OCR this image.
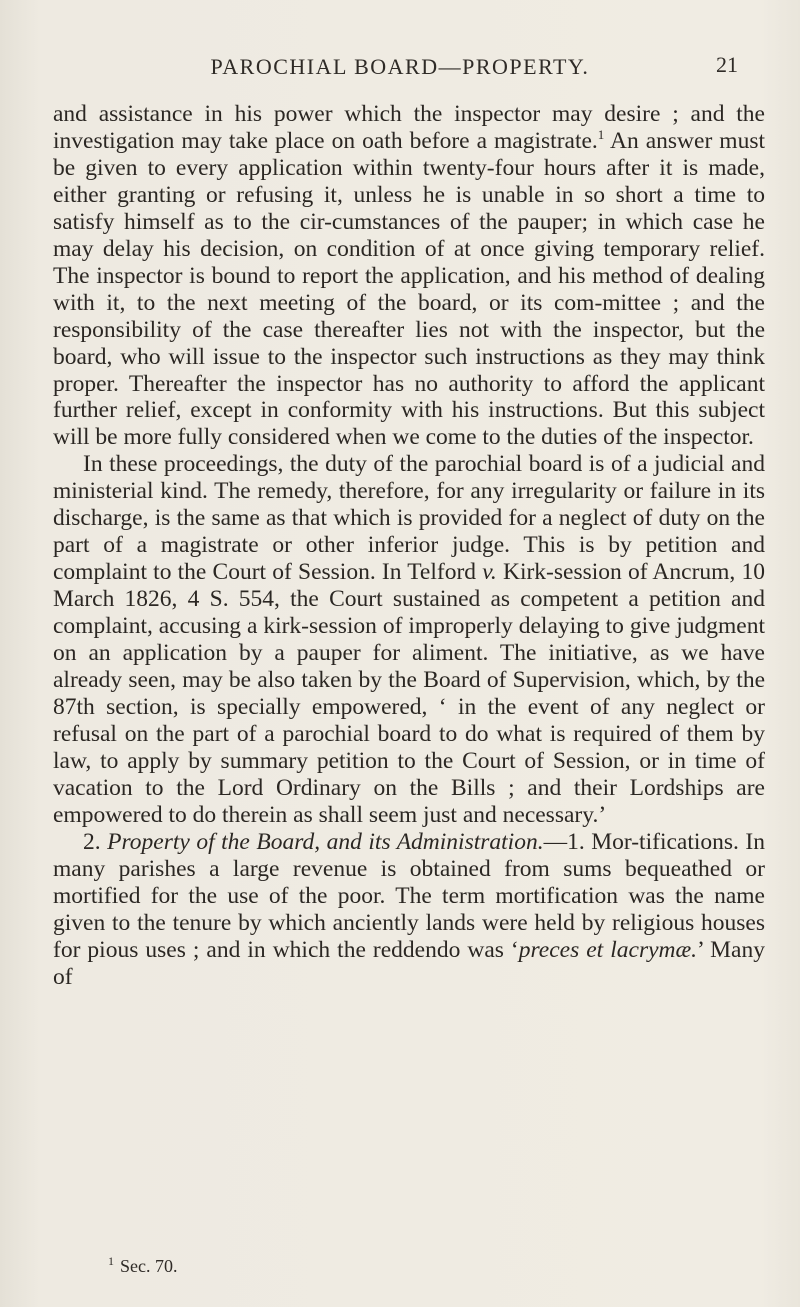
PAROCHIAL BOARD—PROPERTY.	21

and assistance in his power which the inspector may desire ; and the investigation may take place on oath before a magistrate.$^1$ An answer must be given to every application within twenty-four hours after it is made, either granting or refusing it, unless he is unable in so short a time to satisfy himself as to the cir-cumstances of the pauper; in which case he may delay his decision, on condition of at once giving temporary relief. The inspector is bound to report the application, and his method of dealing with it, to the next meeting of the board, or its com-mittee ; and the responsibility of the case thereafter lies not with the inspector, but the board, who will issue to the inspector such instructions as they may think proper. Thereafter the inspector has no authority to afford the applicant further relief, except in conformity with his instructions. But this subject will be more fully considered when we come to the duties of the inspector.

In these proceedings, the duty of the parochial board is of a judicial and ministerial kind. The remedy, therefore, for any irregularity or failure in its discharge, is the same as that which is provided for a neglect of duty on the part of a magistrate or other inferior judge. This is by petition and complaint to the Court of Session. In Telford v. Kirk-session of Ancrum, 10 March 1826, 4 S. 554, the Court sustained as competent a petition and complaint, accusing a kirk-session of improperly delaying to give judgment on an application by a pauper for aliment. The initiative, as we have already seen, may be also taken by the Board of Supervision, which, by the 87th section, is specially empowered, ‘ in the event of any neglect or refusal on the part of a parochial board to do what is required of them by law, to apply by summary petition to the Court of Session, or in time of vacation to the Lord Ordinary on the Bills ; and their Lordships are empowered to do therein as shall seem just and necessary.’

2. Property of the Board, and its Administration.—1. Mor-tifications. In many parishes a large revenue is obtained from sums bequeathed or mortified for the use of the poor. The term mortification was the name given to the tenure by which anciently lands were held by religious houses for pious uses ; and in which the reddendo was ‘preces et lacrymæ.’ Many of

$^1$ Sec. 70.
